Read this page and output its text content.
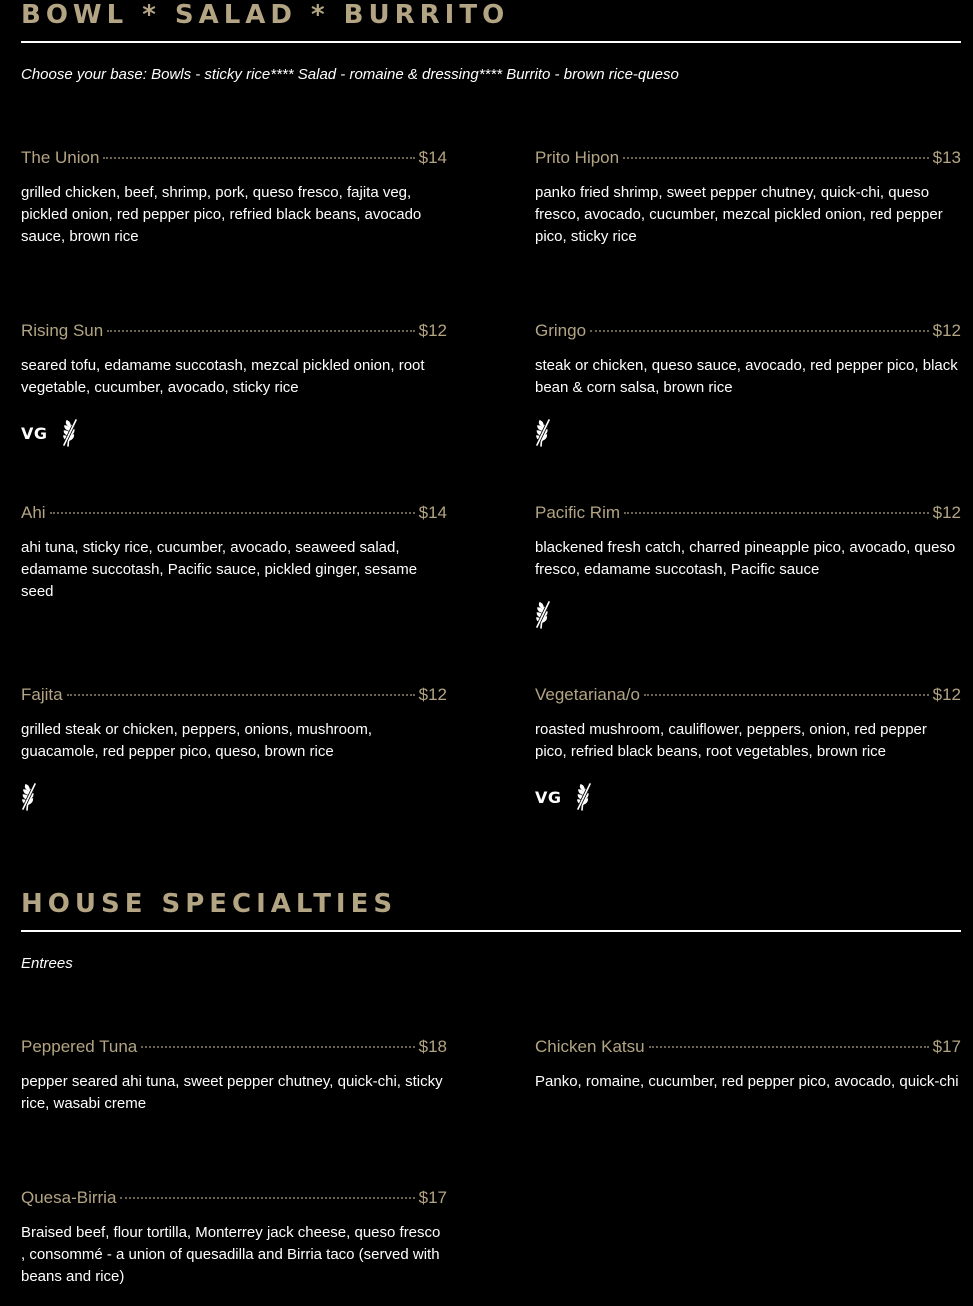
BOWL * SALAD * BURRITO
Choose your base: Bowls - sticky rice**** Salad - romaine & dressing**** Burrito - brown rice-queso
HOUSE SPECIALTIES
Entrees
The Union	$14
grilled chicken, beef, shrimp, pork, queso fresco, fajita veg, pickled onion, red pepper pico, refried black beans, avocado sauce, brown rice
Prito Hipon	$13
panko fried shrimp, sweet pepper chutney, quick-chi, queso fresco, avocado, cucumber, mezcal pickled onion, red pepper pico, sticky rice
Rising Sun	$12
seared tofu, edamame succotash, mezcal pickled onion, root vegetable, cucumber, avocado, sticky rice
VG
Gringo	$12
steak or chicken, queso sauce, avocado, red pepper pico, black bean & corn salsa, brown rice
Ahi	$14
ahi tuna, sticky rice, cucumber, avocado, seaweed salad, edamame succotash, Pacific sauce, pickled ginger, sesame seed
Pacific Rim	$12
blackened fresh catch, charred pineapple pico, avocado, queso fresco, edamame succotash, Pacific sauce
Fajita	$12
grilled steak or chicken, peppers, onions, mushroom, guacamole, red pepper pico, queso, brown rice
Vegetariana/o	$12
roasted mushroom, cauliflower, peppers, onion, red pepper pico, refried black beans, root vegetables, brown rice
VG
Peppered Tuna	$18
pepper seared ahi tuna, sweet pepper chutney, quick-chi, sticky rice, wasabi creme
Chicken Katsu	$17
Panko, romaine, cucumber, red pepper pico, avocado, quick-chi
Quesa-Birria	$17
Braised beef, flour tortilla, Monterrey jack cheese, queso fresco , consommé - a union of quesadilla and Birria taco (served with beans and rice)
